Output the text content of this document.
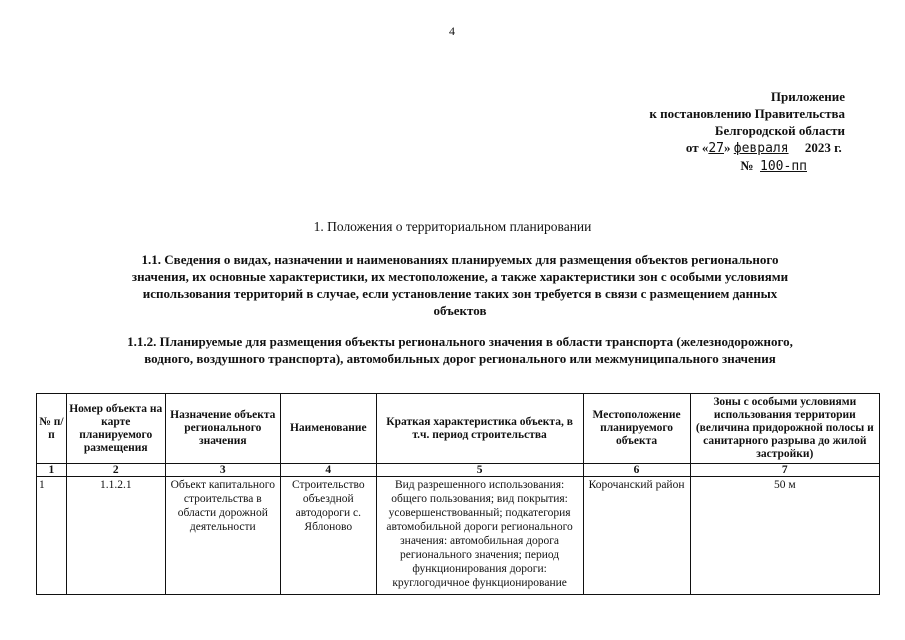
4
Приложение
к постановлению Правительства
Белгородской области
от «27» февраля 2023 г.
№ 100-пп
1. Положения о территориальном планировании
1.1. Сведения о видах, назначении и наименованиях планируемых для размещения объектов регионального значения, их основные характеристики, их местоположение, а также характеристики зон с особыми условиями использования территорий в случае, если установление таких зон требуется в связи с размещением данных объектов
1.1.2. Планируемые для размещения объекты регионального значения в области транспорта (железнодорожного, водного, воздушного транспорта), автомобильных дорог регионального или межмуниципального значения
№ п/п	Номер объекта на карте планируемого размещения	Назначение объекта регионального значения	Наименование	Краткая характеристика объекта, в т.ч. период строительства	Местоположение планируемого объекта	Зоны с особыми условиями использования территории (величина придорожной полосы и санитарного разрыва до жилой застройки)
1	2	3	4	5	6	7
1	1.1.2.1	Объект капитального строительства в области дорожной деятельности	Строительство объездной автодороги с. Яблоново	Вид разрешенного использования: общего пользования; вид покрытия: усовершенствованный; подкатегория автомобильной дороги регионального значения: автомобильная дорога регионального значения; период функционирования дороги: круглогодичное функционирование	Корочанский район	50 м
